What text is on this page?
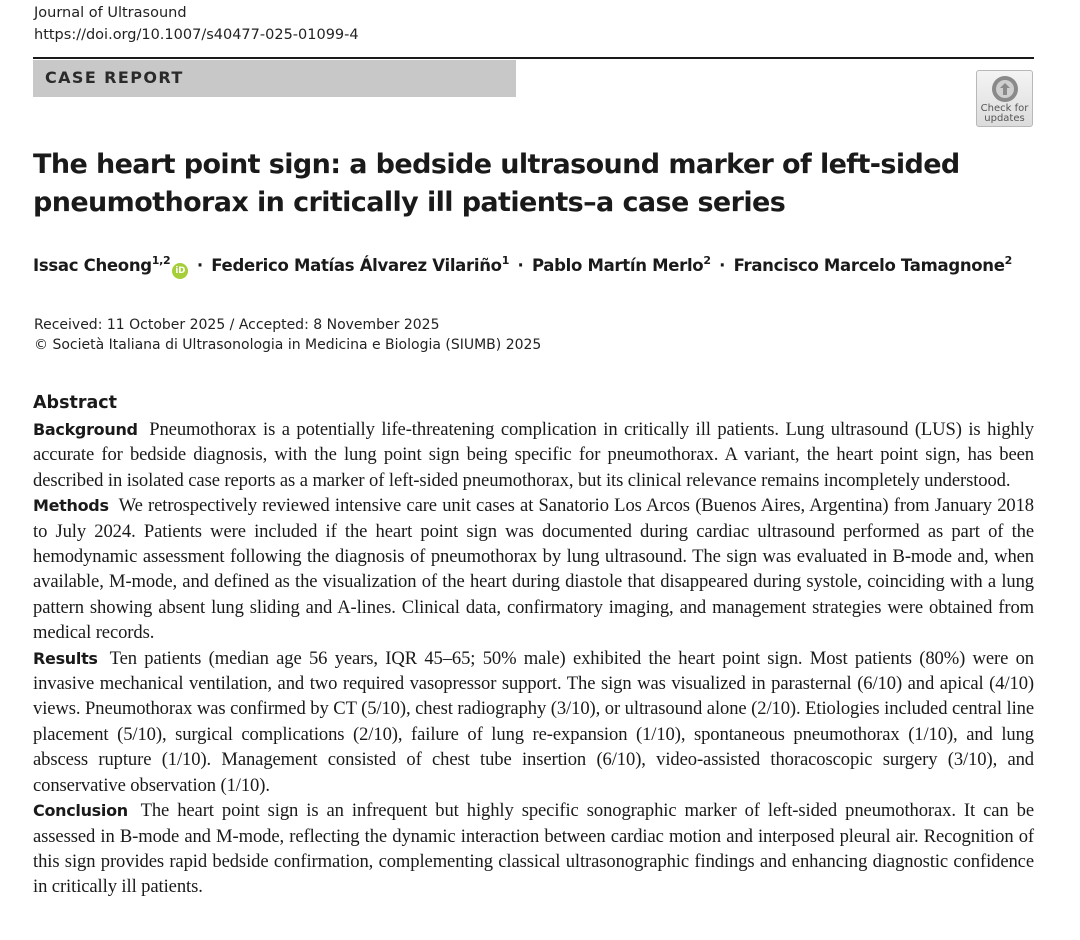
Journal of Ultrasound
https://doi.org/10.1007/s40477-025-01099-4
CASE REPORT
Check for
updates
The heart point sign: a bedside ultrasound marker of left-sided
pneumothorax in critically ill patients–a case series
Issac Cheong$^{1,2}$iD · Federico Matías Álvarez Vilariño$^1$ · Pablo Martín Merlo$^2$ · Francisco Marcelo Tamagnone$^2$
Received: 11 October 2025 / Accepted: 8 November 2025
© Società Italiana di Ultrasonologia in Medicina e Biologia (SIUMB) 2025
Abstract

Background Pneumothorax is a potentially life-threatening complication in critically ill patients. Lung ultrasound (LUS) is highly accurate for bedside diagnosis, with the lung point sign being specific for pneumothorax. A variant, the heart point sign, has been described in isolated case reports as a marker of left-sided pneumothorax, but its clinical relevance remains incompletely understood.

Methods We retrospectively reviewed intensive care unit cases at Sanatorio Los Arcos (Buenos Aires, Argentina) from January 2018 to July 2024. Patients were included if the heart point sign was documented during cardiac ultrasound performed as part of the hemodynamic assessment following the diagnosis of pneumothorax by lung ultrasound. The sign was evaluated in B-mode and, when available, M-mode, and defined as the visualization of the heart during diastole that disappeared during systole, coinciding with a lung pattern showing absent lung sliding and A-lines. Clinical data, confirmatory imaging, and management strategies were obtained from medical records.

Results Ten patients (median age 56 years, IQR 45–65; 50% male) exhibited the heart point sign. Most patients (80%) were on invasive mechanical ventilation, and two required vasopressor support. The sign was visualized in parasternal (6/10) and apical (4/10) views. Pneumothorax was confirmed by CT (5/10), chest radiography (3/10), or ultrasound alone (2/10). Etiologies included central line placement (5/10), surgical complications (2/10), failure of lung re-expansion (1/10), spontaneous pneumothorax (1/10), and lung abscess rupture (1/10). Management consisted of chest tube insertion (6/10), video-assisted thoracoscopic surgery (3/10), and conservative observation (1/10).

Conclusion The heart point sign is an infrequent but highly specific sonographic marker of left-sided pneumothorax. It can be assessed in B-mode and M-mode, reflecting the dynamic interaction between cardiac motion and interposed pleural air. Recognition of this sign provides rapid bedside confirmation, complementing classical ultrasonographic findings and enhancing diagnostic confidence in critically ill patients.
